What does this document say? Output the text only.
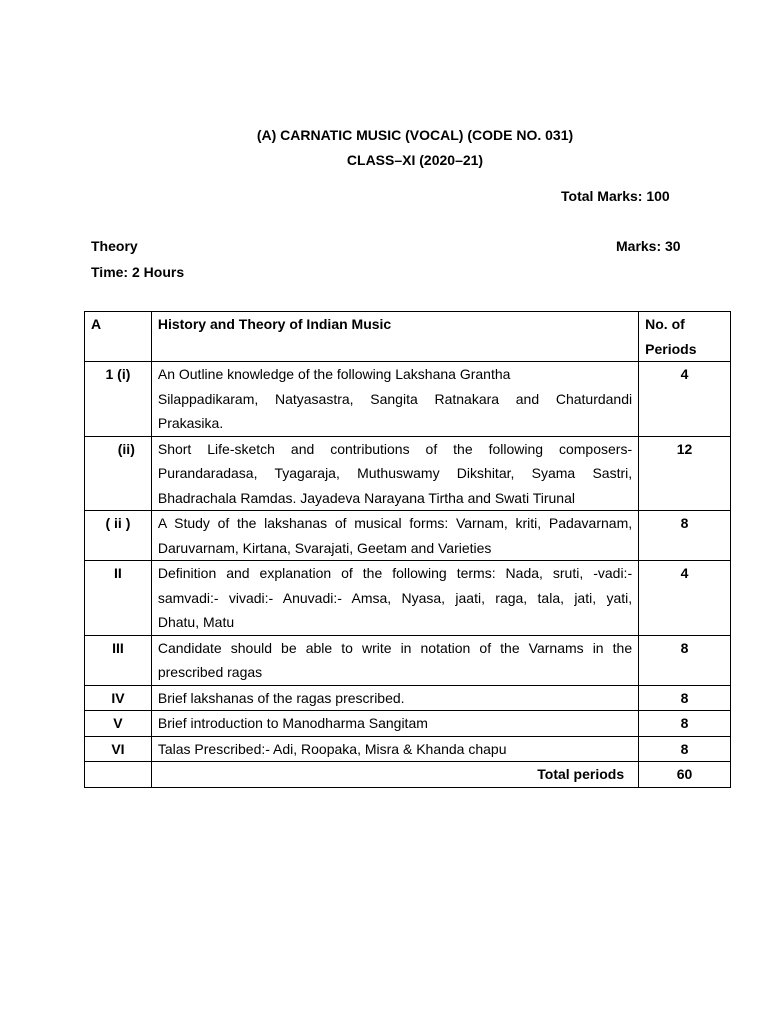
(A) CARNATIC MUSIC (VOCAL) (CODE NO. 031)
CLASS–XI (2020–21)
Total Marks: 100
Theory	Marks: 30
Time: 2 Hours
A	History and Theory of Indian Music	No. of
Periods

1 (i)	An Outline knowledge of the following Lakshana Grantha
Silappadikaram, Natyasastra, Sangita Ratnakara and Chaturdandi
Prakasika.	4
(ii)	Short Life-sketch and contributions of the following composers-
Purandaradasa, Tyagaraja, Muthuswamy Dikshitar, Syama Sastri,
Bhadrachala Ramdas. Jayadeva Narayana Tirtha and Swati Tirunal	12
( ii )	A Study of the lakshanas of musical forms: Varnam, kriti, Padavarnam,
Daruvarnam, Kirtana, Svarajati, Geetam and Varieties	8
II	Definition and explanation of the following terms: Nada, sruti, -vadi:-
samvadi:- vivadi:- Anuvadi:- Amsa, Nyasa, jaati, raga, tala, jati, yati,
Dhatu, Matu	4
III	Candidate should be able to write in notation of the Varnams in the
prescribed ragas	8
IV	Brief lakshanas of the ragas prescribed.	8
V	Brief introduction to Manodharma Sangitam	8
VI	Talas Prescribed:- Adi, Roopaka, Misra & Khanda chapu	8
	Total periods	60
